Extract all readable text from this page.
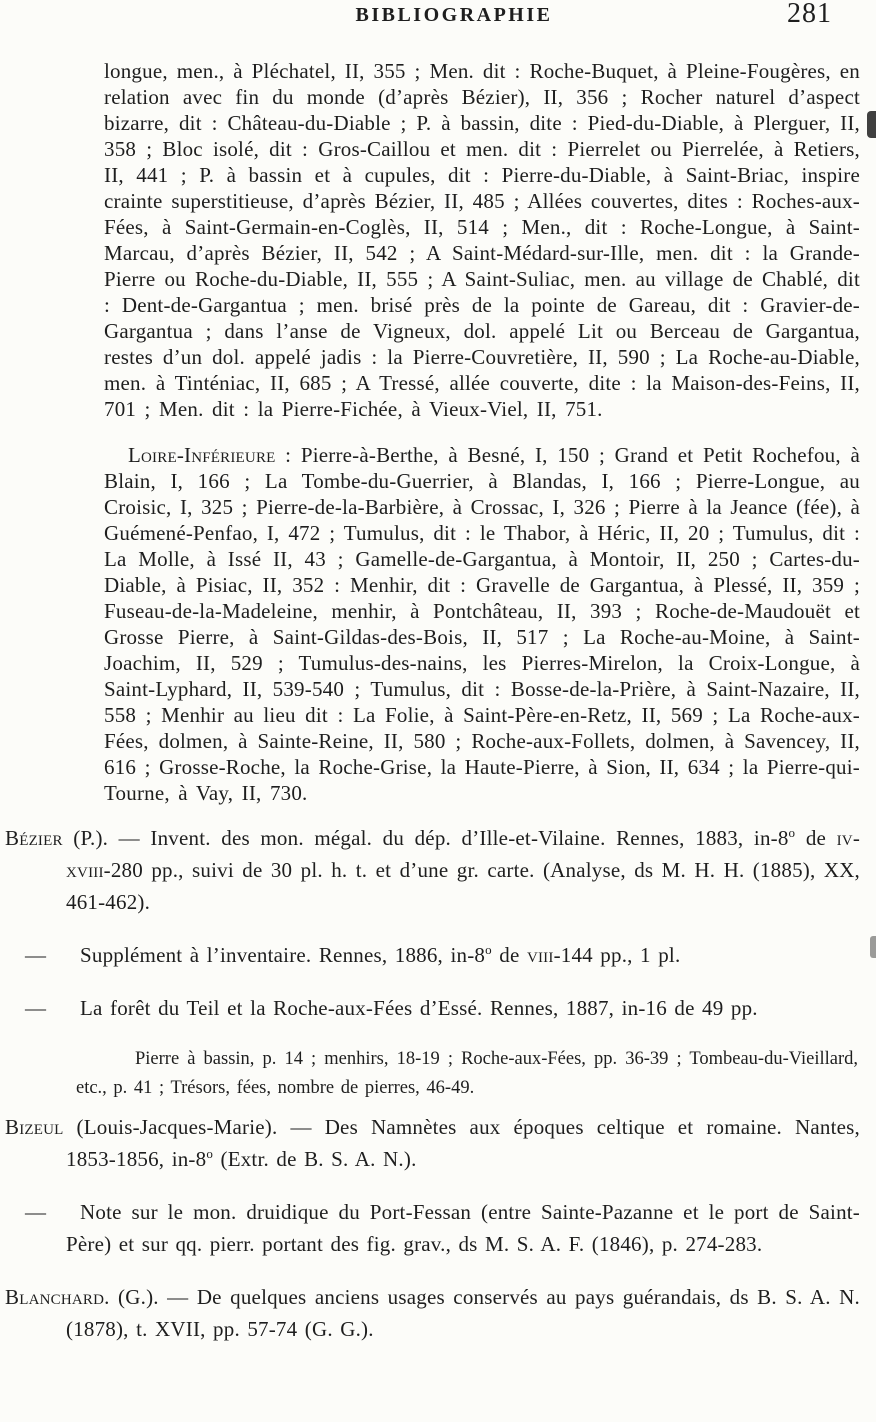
BIBLIOGRAPHIE	281

longue, men., à Pléchatel, II, 355 ; Men. dit : Roche-Buquet, à Pleine-Fougères, en relation avec fin du monde (d’après Bézier), II, 356 ; Rocher naturel d’aspect bizarre, dit : Château-du-Diable ; P. à bassin, dite : Pied-du-Diable, à Plerguer, II, 358 ; Bloc isolé, dit : Gros-Caillou et men. dit : Pierrelet ou Pierrelée, à Retiers, II, 441 ; P. à bassin et à cupules, dit : Pierre-du-Diable, à Saint-Briac, inspire crainte superstitieuse, d’après Bézier, II, 485 ; Allées couvertes, dites : Roches-aux-Fées, à Saint-Germain-en-Coglès, II, 514 ; Men., dit : Roche-Longue, à Saint-Marcau, d’après Bézier, II, 542 ; A Saint-Médard-sur-Ille, men. dit : la Grande-Pierre ou Roche-du-Diable, II, 555 ; A Saint-Suliac, men. au village de Chablé, dit : Dent-de-Gargantua ; men. brisé près de la pointe de Gareau, dit : Gravier-de-Gargantua ; dans l’anse de Vigneux, dol. appelé Lit ou Berceau de Gargantua, restes d’un dol. appelé jadis : la Pierre-Couvretière, II, 590 ; La Roche-au-Diable, men. à Tinténiac, II, 685 ; A Tressé, allée couverte, dite : la Maison-des-Feins, II, 701 ; Men. dit : la Pierre-Fichée, à Vieux-Viel, II, 751.

Loire-Inférieure : Pierre-à-Berthe, à Besné, I, 150 ; Grand et Petit Rochefou, à Blain, I, 166 ; La Tombe-du-Guerrier, à Blandas, I, 166 ; Pierre-Longue, au Croisic, I, 325 ; Pierre-de-la-Barbière, à Crossac, I, 326 ; Pierre à la Jeance (fée), à Guémené-Penfao, I, 472 ; Tumulus, dit : le Thabor, à Héric, II, 20 ; Tumulus, dit : La Molle, à Issé II, 43 ; Gamelle-de-Gargantua, à Montoir, II, 250 ; Cartes-du-Diable, à Pisiac, II, 352 : Menhir, dit : Gravelle de Gargantua, à Plessé, II, 359 ; Fuseau-de-la-Madeleine, menhir, à Pontchâteau, II, 393 ; Roche-de-Maudouët et Grosse Pierre, à Saint-Gildas-des-Bois, II, 517 ; La Roche-au-Moine, à Saint-Joachim, II, 529 ; Tumulus-des-nains, les Pierres-Mirelon, la Croix-Longue, à Saint-Lyphard, II, 539-540 ; Tumulus, dit : Bosse-de-la-Prière, à Saint-Nazaire, II, 558 ; Menhir au lieu dit : La Folie, à Saint-Père-en-Retz, II, 569 ; La Roche-aux-Fées, dolmen, à Sainte-Reine, II, 580 ; Roche-aux-Follets, dolmen, à Savencey, II, 616 ; Grosse-Roche, la Roche-Grise, la Haute-Pierre, à Sion, II, 634 ; la Pierre-qui-Tourne, à Vay, II, 730.

Bézier (P.). — Invent. des mon. mégal. du dép. d’Ille-et-Vilaine. Rennes, 1883, in-8$^o$ de iv-xviii-280 pp., suivi de 30 pl. h. t. et d’une gr. carte. (Analyse, ds M. H. H. (1885), XX, 461-462).

— Supplément à l’inventaire. Rennes, 1886, in-8$^o$ de viii-144 pp., 1 pl.

— La forêt du Teil et la Roche-aux-Fées d’Essé. Rennes, 1887, in-16 de 49 pp.

Pierre à bassin, p. 14 ; menhirs, 18-19 ; Roche-aux-Fées, pp. 36-39 ; Tombeau-du-Vieillard, etc., p. 41 ; Trésors, fées, nombre de pierres, 46-49.

Bizeul (Louis-Jacques-Marie). — Des Namnètes aux époques celtique et romaine. Nantes, 1853-1856, in-8$^o$ (Extr. de B. S. A. N.).

— Note sur le mon. druidique du Port-Fessan (entre Sainte-Pazanne et le port de Saint-Père) et sur qq. pierr. portant des fig. grav., ds M. S. A. F. (1846), p. 274-283.

Blanchard. (G.). — De quelques anciens usages conservés au pays guérandais, ds B. S. A. N. (1878), t. XVII, pp. 57-74 (G. G.).
